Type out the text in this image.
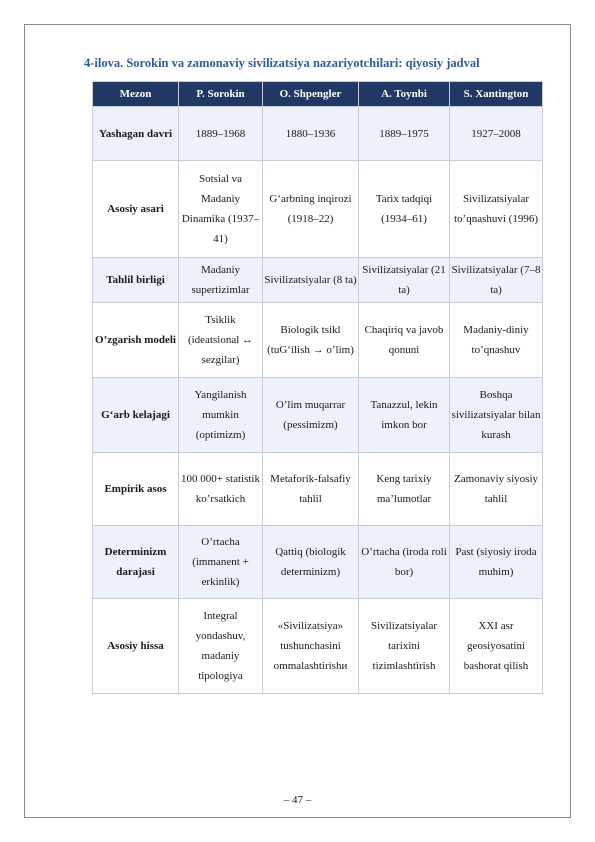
4-ilova. Sorokin va zamonaviy sivilizatsiya nazariyotchilari: qiyosiy jadval
Mezon	P. Sorokin	O. Shpengler	A. Toynbi	S. Xantington
Yashagan davri	1889–1968	1880–1936	1889–1975	1927–2008
Asosiy asari	Sotsial va Madaniy Dinamika (1937–41)	G‘arbning inqirozi (1918–22)	Tarix tadqiqi (1934–61)	Sivilizatsiyalar to’qnashuvi (1996)
Tahlil birligi	Madaniy supertizimlar	Sivilizatsiyalar (8 ta)	Sivilizatsiyalar (21 ta)	Sivilizatsiyalar (7–8 ta)
O’zgarish modeli	Tsiklik (ideatsional ↔ sezgilar)	Biologik tsikl (tuG‘ilish → o’lim)	Chaqiriq va javob qonuni	Madaniy-diniy to’qnashuv
G‘arb kelajagi	Yangilanish mumkin (optimizm)	O’lim muqarrar (pessimizm)	Tanazzul, lekin imkon bor	Boshqa sivilizatsiyalar bilan kurash
Empirik asos	100 000+ statistik ko’rsatkich	Metaforik-falsafiy tahlil	Keng tarixiy ma’lumotlar	Zamonaviy siyosiy tahlil
Determinizm darajasi	O’rtacha (immanent + erkinlik)	Qattiq (biologik determinizm)	O’rtacha (iroda roli bor)	Past (siyosiy iroda muhim)
Asosiy hissa	Integral yondashuv, madaniy tipologiya	«Sivilizatsiya» tushunchasini ommalashtirishи	Sivilizatsiyalar tarixini tizimlashtirish	XXI asr geosiyosatini bashorat qilish
– 47 –
